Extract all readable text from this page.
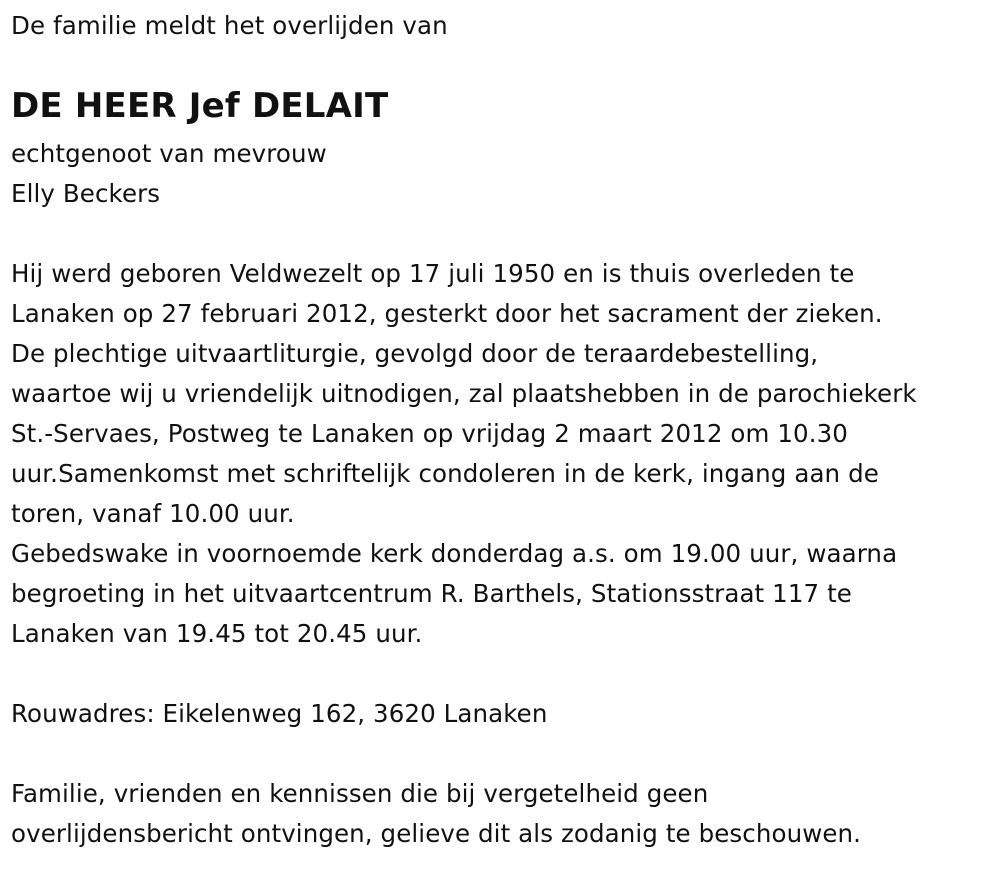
De familie meldt het overlijden van
DE HEER Jef DELAIT
echtgenoot van mevrouw
Elly Beckers
Hij werd geboren Veldwezelt op 17 juli 1950 en is thuis overleden te
Lanaken op 27 februari 2012, gesterkt door het sacrament der zieken.
De plechtige uitvaartliturgie, gevolgd door de teraardebestelling,
waartoe wij u vriendelijk uitnodigen, zal plaatshebben in de parochiekerk
St.-Servaes, Postweg te Lanaken op vrijdag 2 maart 2012 om 10.30
uur.Samenkomst met schriftelijk condoleren in de kerk, ingang aan de
toren, vanaf 10.00 uur.
Gebedswake in voornoemde kerk donderdag a.s. om 19.00 uur, waarna
begroeting in het uitvaartcentrum R. Barthels, Stationsstraat 117 te
Lanaken van 19.45 tot 20.45 uur.
Rouwadres: Eikelenweg 162, 3620 Lanaken
Familie, vrienden en kennissen die bij vergetelheid geen
overlijdensbericht ontvingen, gelieve dit als zodanig te beschouwen.
